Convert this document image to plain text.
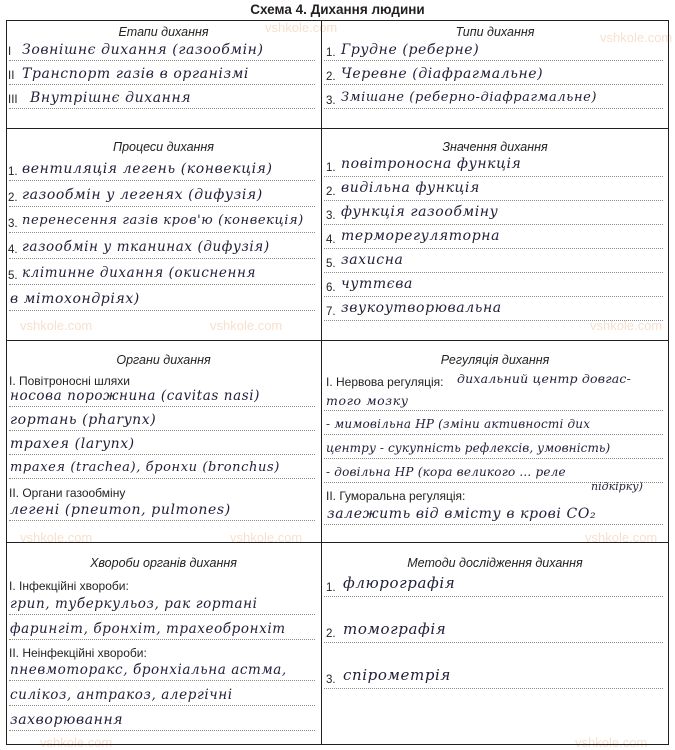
Схема 4. Дихання людини
vshkole.com
vshkole.com
vshkole.com	vshkole.com	vshkole.com
vshkole.com	vshkole.com	vshkole.com
vshkole.com	vshkole.com
Етапи дихання
I Зовнішнє дихання (газообмін)
II Транспорт газів в організмі
III Внутрішнє дихання
Типи дихання
1. Грудне (реберне)
2. Черевне (діафрагмальне)
3. Змішане (реберно-діафрагмальне)
Процеси дихання
1. вентиляція легень (конвекція)
2. газообмін у легенях (дифузія)
3. перенесення газів кров'ю (конвекція)
4. газообмін у тканинах (дифузія)
5. клітинне дихання (окиснення
в мітохондріях)
Значення дихання
1. повітроносна функція
2. видільна функція
3. функція газообміну
4. терморегуляторна
5. захисна
6. чуттєва
7. звукоутворювальна
Органи дихання
I. Повітроносні шляхи
носова порожнина (cavitas nasi)
гортань (pharynx)
трахея (larynx)
трахея (trachea), бронхи (bronchus)
II. Органи газообміну
легені (pneumon, pulmones)
Регуляція дихання
I. Нервова регуляція: дихальний центр довгас-
того мозку
- мимовільна НР (зміни активності дих
центру - сукупність рефлексів, умовність)
- довільна НР (кора великого ... реле
підкірку)
II. Гуморальна регуляція:
залежить від вмісту в крові CO₂
Хвороби органів дихання
I. Інфекційні хвороби:
грип, туберкульоз, рак гортані
фарингіт, бронхіт, трахеобронхіт
II. Неінфекційні хвороби:
пневмоторакс, бронхіальна астма,
силікоз, антракоз, алергічні
захворювання
Методи дослідження дихання
1. флюрографія
2. томографія
3. спірометрія
